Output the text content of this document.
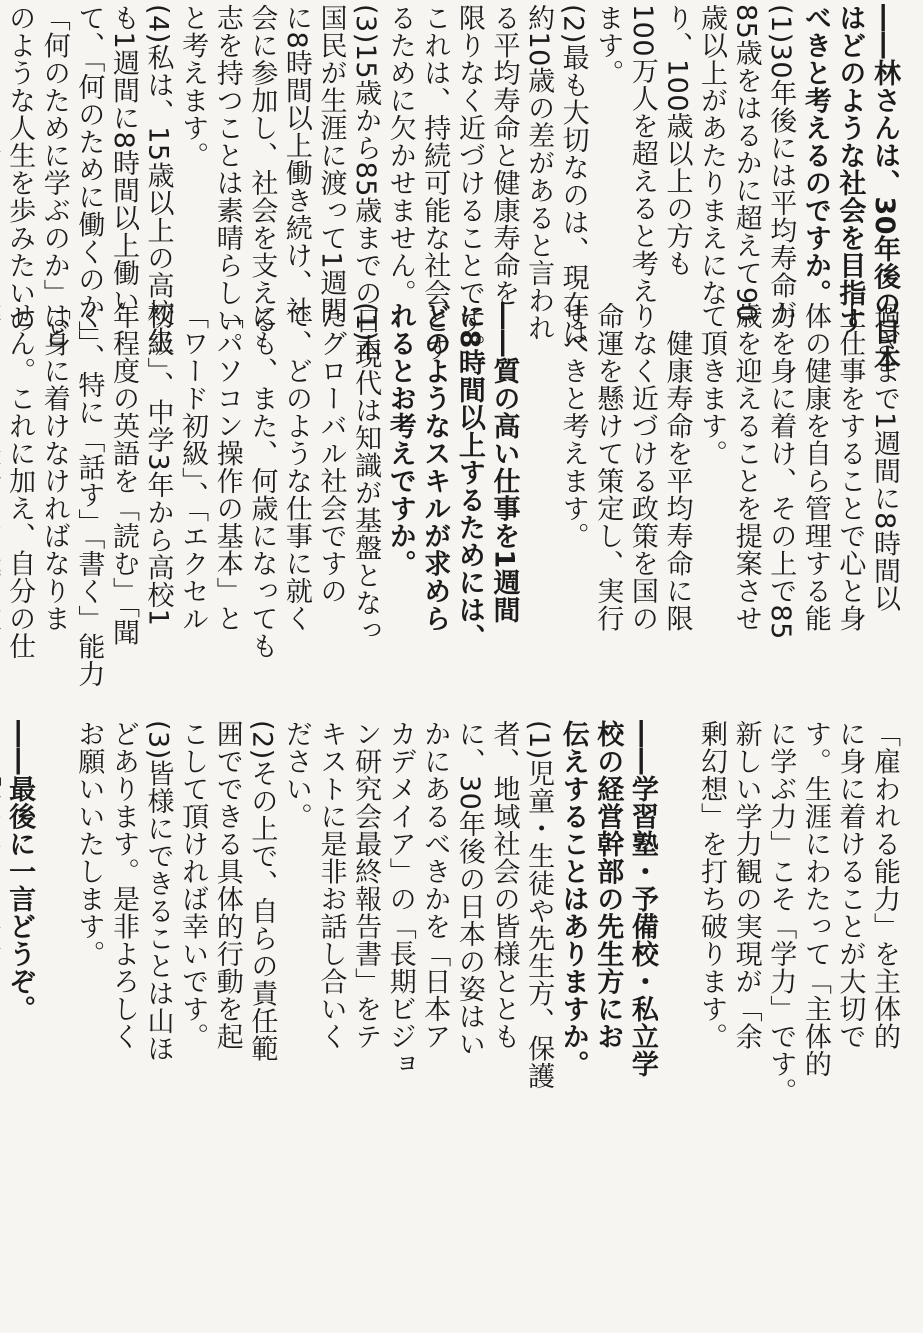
――林さんは、30年後の日本
はどのような社会を目指す
べきと考えるのですか。
(1)30年後には平均寿命が
85歳をはるかに超えて90
歳以上があたりまえにな
り、100歳以上の方も
100万人を超えると考え
ます。
(2)最も大切なのは、現在は
約10歳の差があると言われ
る平均寿命と健康寿命を
限りなく近づけることです。
これは、持続可能な社会とす
るために欠かせません。
(3)15歳から85歳までの日本
国民が生涯に渡って1週間
に8時間以上働き続け、社
会に参加し、社会を支える
志を持つことは素晴らしい
と考えます。
(4)私は、15歳以上の高校生
も1週間に8時間以上働い
て、「何のために働くのか」
「何のために学ぶのか」「ど
のような人生を歩みたいの
過ぎまで1週間に8時間以
上仕事をすることで心と身
体の健康を自ら管理する能
力を身に着け、その上で85
歳を迎えることを提案させ
て頂きます。
　健康寿命を平均寿命に限
りなく近づける政策を国の
命運を懸けて策定し、実行
すべきと考えます。

――質の高い仕事を1週間
に8時間以上するためには、
どのようなスキルが求めら
れるとお考えですか。
(1)現代は知識が基盤となっ
たグローバル社会ですの
で、どのような仕事に就く
にも、また、何歳になっても
「パソコン操作の基本」と
「ワード初級」、「エクセル
初級」、中学3年から高校1
年程度の英語を「読む」「聞
く」、特に「話す」「書く」能力
は身に着けなければなりま
せん。これに加え、自分の仕
「雇われる能力」を主体的
に身に着けることが大切で
す。生涯にわたって「主体的
に学ぶ力」こそ「学力」です。
新しい学力観の実現が「余
剰幻想」を打ち破ります。

――学習塾・予備校・私立学
校の経営幹部の先生方にお
伝えすることはありますか。
(1)児童・生徒や先生方、保護
者、地域社会の皆様ととも
に、30年後の日本の姿はい
かにあるべきかを「日本ア
カデメイア」の「長期ビジョ
ン研究会最終報告書」をテ
キストに是非お話し合いく
ださい。
(2)その上で、自らの責任範
囲でできる具体的行動を起
こして頂ければ幸いです。
(3)皆様にできることは山ほ
どあります。是非よろしく
お願いいたします。

――最後に一言どうぞ。
